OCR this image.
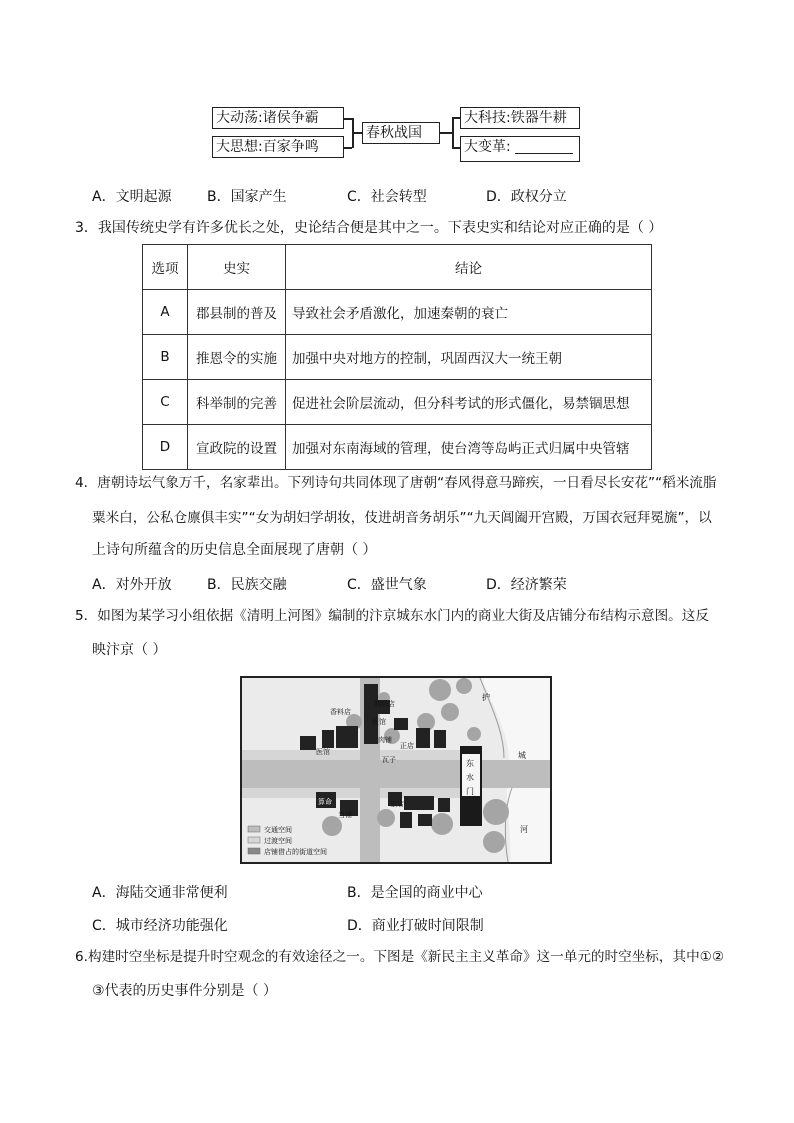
大动荡:诸侯争霸
大思想:百家争鸣
春秋战国
大科技:铁器牛耕
大变革:
A．文明起源	B．国家产生	C．社会转型	D．政权分立
3．我国传统史学有许多优长之处，史论结合便是其中之一。下表史实和结论对应正确的是（ ）
选项	史实	结论
A	郡县制的普及	导致社会矛盾激化，加速秦朝的衰亡
B	推恩令的实施	加强中央对地方的控制，巩固西汉大一统王朝
C	科举制的完善	促进社会阶层流动，但分科考试的形式僵化，易禁锢思想
D	宣政院的设置	加强对东南海域的管理，使台湾等岛屿正式归属中央管辖
4．唐朝诗坛气象万千，名家辈出。下列诗句共同体现了唐朝“春风得意马蹄疾，一日看尽长安花”“稻米流脂
粟米白，公私仓廪俱丰实”“女为胡妇学胡妆，伎进胡音务胡乐”“九天阊阖开宫殿，万国衣冠拜冕旒”，以
上诗句所蕴含的历史信息全面展现了唐朝（ ）
A．对外开放	B．民族交融	C．盛世气象	D．经济繁荣
5．如图为某学习小组依据《清明上河图》编制的汴京城东水门内的商业大街及店铺分布结构示意图。这反
映汴京（ ）
绸缎店
医馆
香料店
医馆
肉铺
正店
瓦子	东
水
门
护
城
河
算命
当铺
旅店
交通空间
过渡空间
店铺借占的街道空间
A．海陆交通非常便利	B．是全国的商业中心
C．城市经济功能强化	D．商业打破时间限制
6.构建时空坐标是提升时空观念的有效途径之一。下图是《新民主主义革命》这一单元的时空坐标，其中①②
③代表的历史事件分别是（ ）
